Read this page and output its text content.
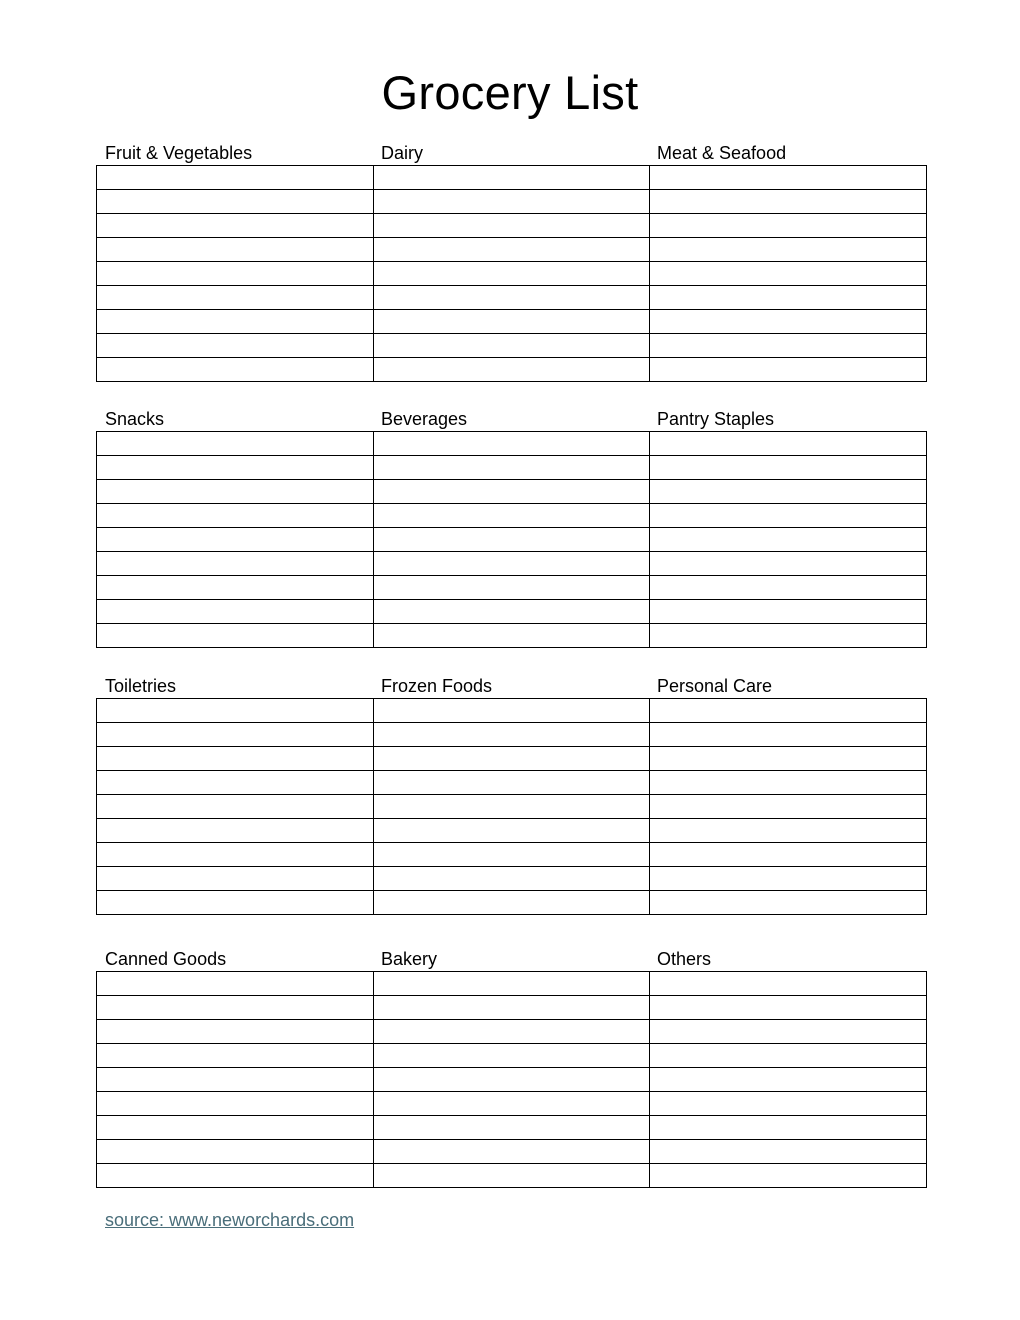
Grocery List
Fruit & Vegetables	Dairy	Meat & Seafood

Snacks	Beverages	Pantry Staples

Toiletries	Frozen Foods	Personal Care

Canned Goods	Bakery	Others

source: www.neworchards.com
